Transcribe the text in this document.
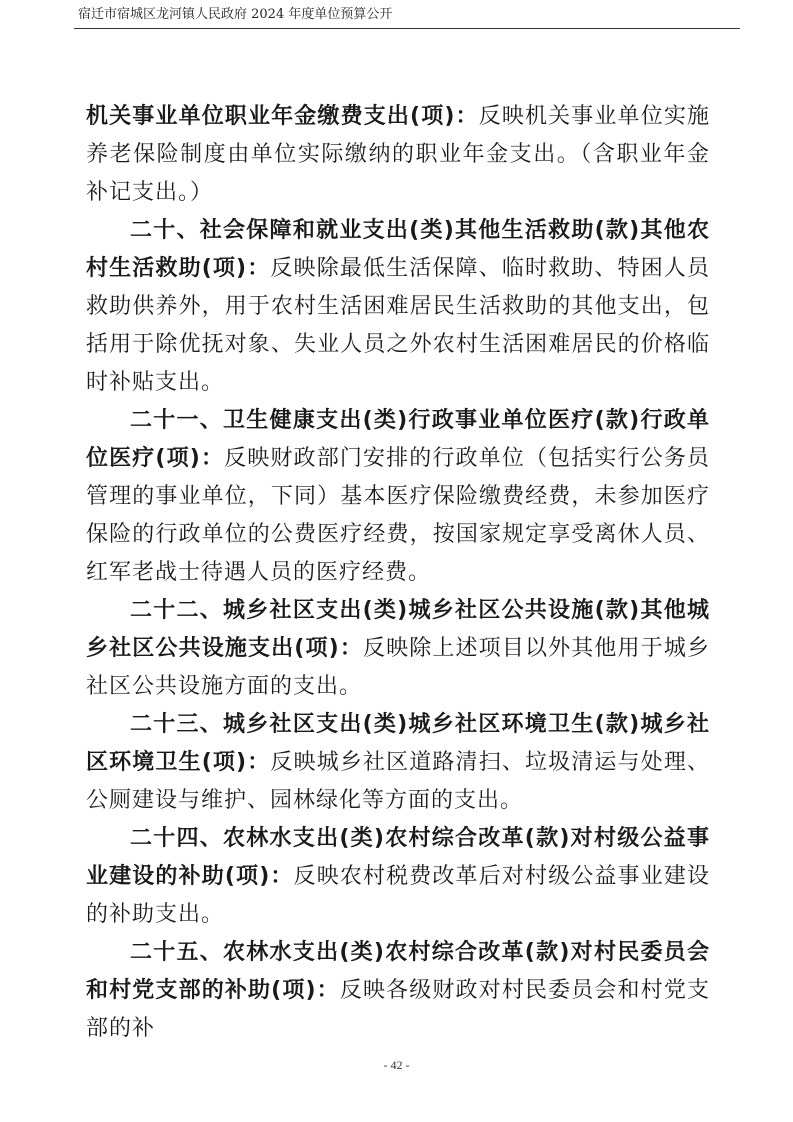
宿迁市宿城区龙河镇人民政府 2024 年度单位预算公开

机关事业单位职业年金缴费支出(项)：反映机关事业单位实施养老保险制度由单位实际缴纳的职业年金支出。（含职业年金补记支出。）

二十、社会保障和就业支出(类)其他生活救助(款)其他农村生活救助(项)：反映除最低生活保障、临时救助、特困人员救助供养外，用于农村生活困难居民生活救助的其他支出，包括用于除优抚对象、失业人员之外农村生活困难居民的价格临时补贴支出。

二十一、卫生健康支出(类)行政事业单位医疗(款)行政单位医疗(项)：反映财政部门安排的行政单位（包括实行公务员管理的事业单位，下同）基本医疗保险缴费经费，未参加医疗保险的行政单位的公费医疗经费，按国家规定享受离休人员、红军老战士待遇人员的医疗经费。

二十二、城乡社区支出(类)城乡社区公共设施(款)其他城乡社区公共设施支出(项)：反映除上述项目以外其他用于城乡社区公共设施方面的支出。

二十三、城乡社区支出(类)城乡社区环境卫生(款)城乡社区环境卫生(项)：反映城乡社区道路清扫、垃圾清运与处理、公厕建设与维护、园林绿化等方面的支出。

二十四、农林水支出(类)农村综合改革(款)对村级公益事业建设的补助(项)：反映农村税费改革后对村级公益事业建设的补助支出。

二十五、农林水支出(类)农村综合改革(款)对村民委员会和村党支部的补助(项)：反映各级财政对村民委员会和村党支部的补

- 42 -
